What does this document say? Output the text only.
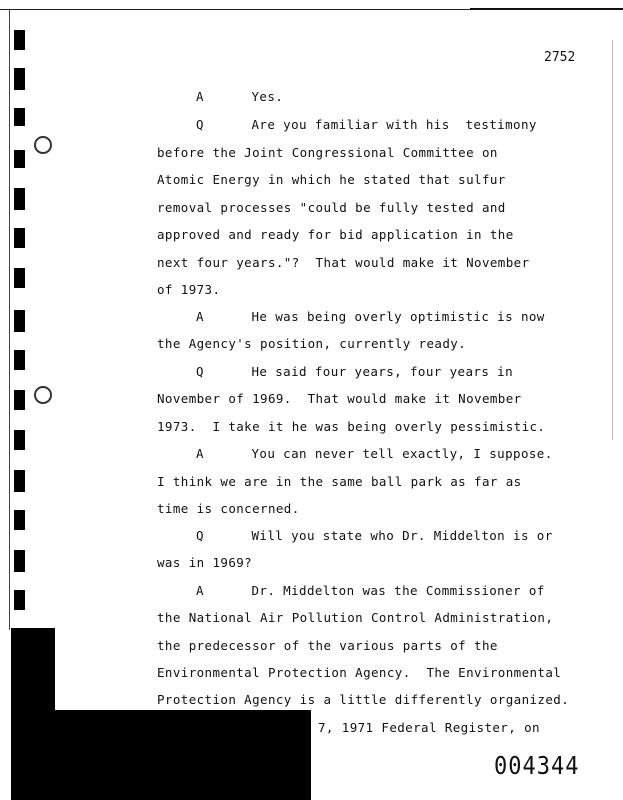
2752
A      Yes.
Q      Are you familiar with his  testimony
before the Joint Congressional Committee on
Atomic Energy in which he stated that sulfur
removal processes "could be fully tested and
approved and ready for bid application in the
next four years."?  That would make it November
of 1973.
A      He was being overly optimistic is now
the Agency's position, currently ready.
Q      He said four years, four years in
November of 1969.  That would make it November
1973.  I take it he was being overly pessimistic.
A      You can never tell exactly, I suppose.
I think we are in the same ball park as far as
time is concerned.
Q      Will you state who Dr. Middelton is or
was in 1969?
A      Dr. Middelton was the Commissioner of
the National Air Pollution Control Administration,
the predecessor of the various parts of the
Environmental Protection Agency.  The Environmental
Protection Agency is a little differently organized.
7, 1971 Federal Register, on
004344
